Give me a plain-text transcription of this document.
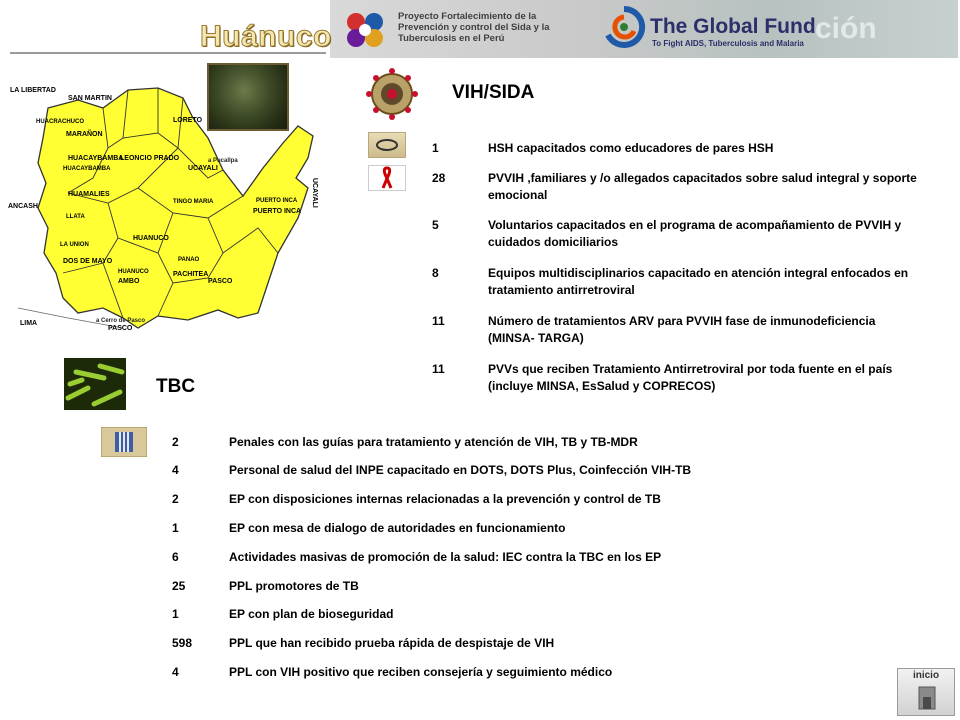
ción
Huánuco
Proyecto Fortalecimiento de la Prevención y control del Sida y la Tuberculosis en el Perú
The Global Fund
To Fight AIDS, Tuberculosis and Malaria
LA LIBERTAD
SAN MARTIN
LORETO
UCAYALI
ANCASH
LIMA
PASCO
PASCO
UCAYALI
MARAÑON
HUACAYBAMBA
LEONCIO PRADO
HUAMALIES
HUANUCO
PUERTO INCA
DOS DE MAYO
PACHITEA
AMBO
HUACRACHUCO
HUACAYBAMBA
TINGO MARIA
LLATA
LA UNION
HUANUCO
PANAO
PUERTO INCA
a Pucallpa
a Cerro de Pasco
VIH/SIDA
1	HSH capacitados como educadores de pares HSH
28	PVVIH ,familiares y /o allegados capacitados sobre salud integral y soporte emocional
5	Voluntarios capacitados en el programa de acompañamiento de PVVIH y cuidados domiciliarios
8	Equipos multidisciplinarios capacitado en atención integral enfocados en tratamiento antirretroviral
11	Número de tratamientos ARV para PVVIH fase de inmunodeficiencia (MINSA- TARGA)
11	PVVs que reciben Tratamiento Antirretroviral por toda fuente en el país (incluye MINSA, EsSalud y COPRECOS)
TBC
2	Penales con las guías para tratamiento y atención de VIH, TB y TB-MDR
4	Personal de salud del INPE capacitado en DOTS, DOTS Plus, Coinfección VIH-TB
2	EP con disposiciones internas relacionadas a la prevención y control de TB
1	EP con mesa de dialogo de autoridades en funcionamiento
6	Actividades masivas de promoción de la salud: IEC contra la TBC en los EP
25	PPL promotores de TB
1	EP con plan de bioseguridad
598	PPL que han recibido prueba rápida de despistaje de VIH
4	PPL con VIH positivo que reciben consejería y seguimiento médico	inicio
